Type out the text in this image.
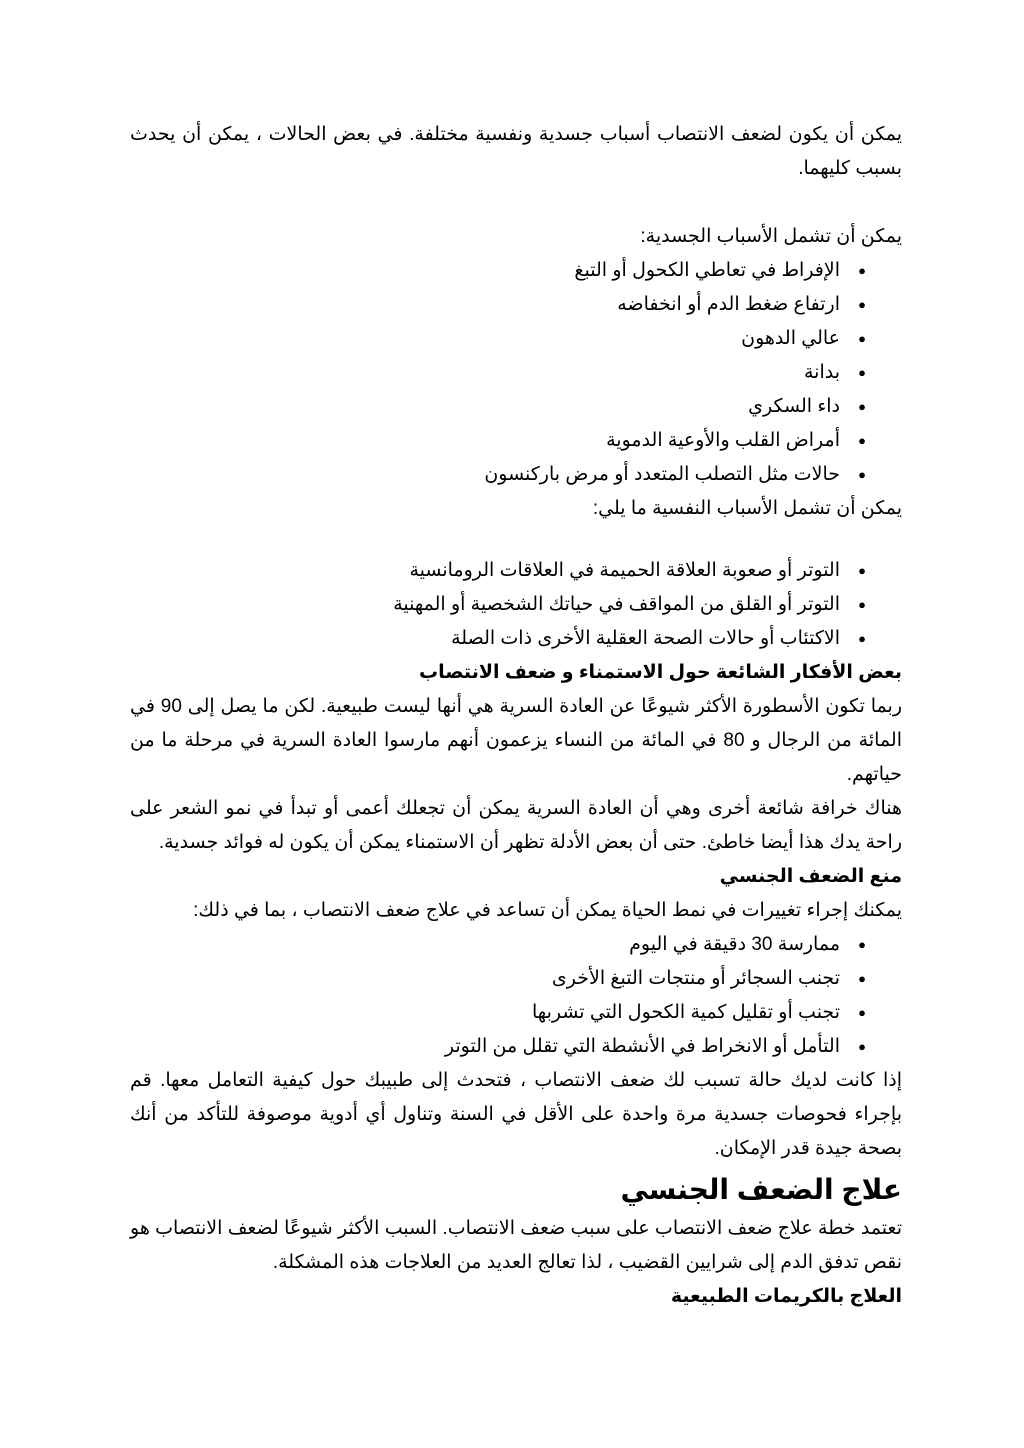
يمكن أن يكون لضعف الانتصاب أسباب جسدية ونفسية مختلفة. في بعض الحالات ، يمكن أن يحدث بسبب كليهما.

يمكن أن تشمل الأسباب الجسدية:

●
الإفراط في تعاطي الكحول أو التبغ
●
ارتفاع ضغط الدم أو انخفاضه
●
عالي الدهون
●
بدانة
●
داء السكري
●
أمراض القلب والأوعية الدموية
●
حالات مثل التصلب المتعدد أو مرض باركنسون

يمكن أن تشمل الأسباب النفسية ما يلي:

●
التوتر أو صعوبة العلاقة الحميمة في العلاقات الرومانسية
●
التوتر أو القلق من المواقف في حياتك الشخصية أو المهنية
●
الاكتئاب أو حالات الصحة العقلية الأخرى ذات الصلة

بعض الأفكار الشائعة حول الاستمناء و ضعف الانتصاب

ربما تكون الأسطورة الأكثر شيوعًا عن العادة السرية هي أنها ليست طبيعية. لكن ما يصل إلى 90 في المائة من الرجال و 80 في المائة من النساء يزعمون أنهم مارسوا العادة السرية في مرحلة ما من حياتهم.

هناك خرافة شائعة أخرى وهي أن العادة السرية يمكن أن تجعلك أعمى أو تبدأ في نمو الشعر على راحة يدك هذا أيضا خاطئ. حتى أن بعض الأدلة تظهر أن الاستمناء يمكن أن يكون له فوائد جسدية.

منع الضعف الجنسي

يمكنك إجراء تغييرات في نمط الحياة يمكن أن تساعد في علاج ضعف الانتصاب ، بما في ذلك:

●
ممارسة 30 دقيقة في اليوم
●
تجنب السجائر أو منتجات التبغ الأخرى
●
تجنب أو تقليل كمية الكحول التي تشربها
●
التأمل أو الانخراط في الأنشطة التي تقلل من التوتر

إذا كانت لديك حالة تسبب لك ضعف الانتصاب ، فتحدث إلى طبيبك حول كيفية التعامل معها. قم بإجراء فحوصات جسدية مرة واحدة على الأقل في السنة وتناول أي أدوية موصوفة للتأكد من أنك بصحة جيدة قدر الإمكان.

علاج الضعف الجنسي

تعتمد خطة علاج ضعف الانتصاب على سبب ضعف الانتصاب. السبب الأكثر شيوعًا لضعف الانتصاب هو نقص تدفق الدم إلى شرايين القضيب ، لذا تعالج العديد من العلاجات هذه المشكلة.

العلاج بالكريمات الطبيعية
